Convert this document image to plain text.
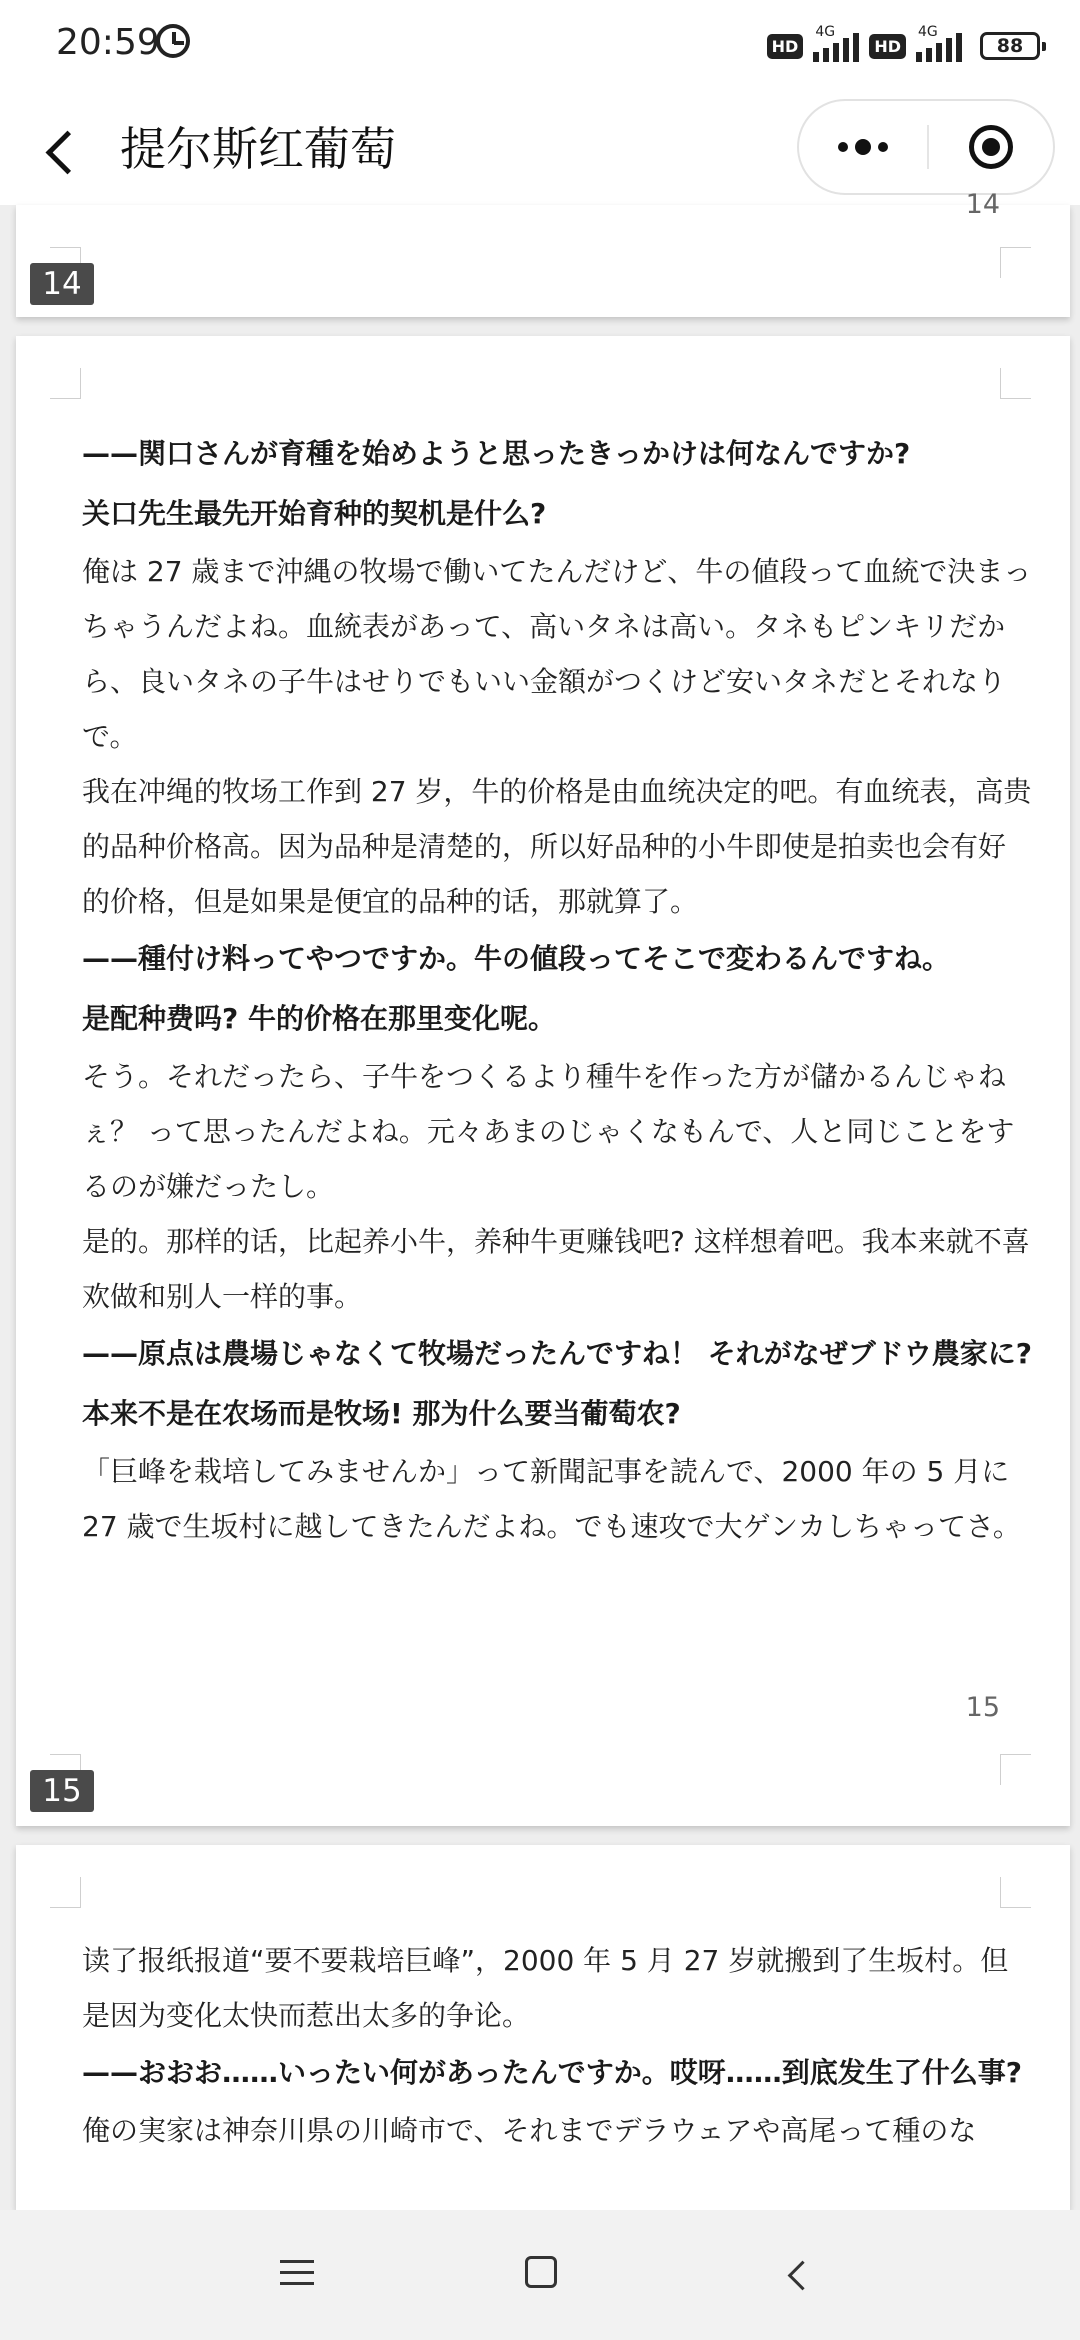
20:59	HD
4G
HD
4G
88
提尔斯红葡萄
14
14

——関口さんが育種を始めようと思ったきっかけは何なんですか?

关口先生最先开始育种的契机是什么?

俺は 27 歳まで沖縄の牧場で働いてたんだけど、牛の値段って血統で決まっちゃうんだよね。血統表があって、高いタネは高い。タネもピンキリだから、良いタネの子牛はせりでもいい金額がつくけど安いタネだとそれなりで。

我在冲绳的牧场工作到 27 岁，牛的价格是由血统决定的吧。有血统表，高贵的品种价格高。因为品种是清楚的，所以好品种的小牛即使是拍卖也会有好的价格，但是如果是便宜的品种的话，那就算了。

——種付け料ってやつですか。牛の値段ってそこで変わるんですね。

是配种费吗? 牛的价格在那里变化呢。

そう。それだったら、子牛をつくるより種牛を作った方が儲かるんじゃねぇ？ って思ったんだよね。元々あまのじゃくなもんで、人と同じことをするのが嫌だったし。

是的。那样的话，比起养小牛，养种牛更赚钱吧? 这样想着吧。我本来就不喜欢做和别人一样的事。

——原点は農場じゃなくて牧場だったんですね！ それがなぜブドウ農家に?

本来不是在农场而是牧场! 那为什么要当葡萄农?

「巨峰を栽培してみませんか」って新聞記事を読んで、2000 年の 5 月に 27 歳で生坂村に越してきたんだよね。でも速攻で大ゲンカしちゃってさ。

15
15

读了报纸报道“要不要栽培巨峰”，2000 年 5 月 27 岁就搬到了生坂村。但是因为变化太快而惹出太多的争论。

——おおお……いったい何があったんですか。哎呀……到底发生了什么事?

俺の実家は神奈川県の川崎市で、それまでデラウェアや高尾って種のな
